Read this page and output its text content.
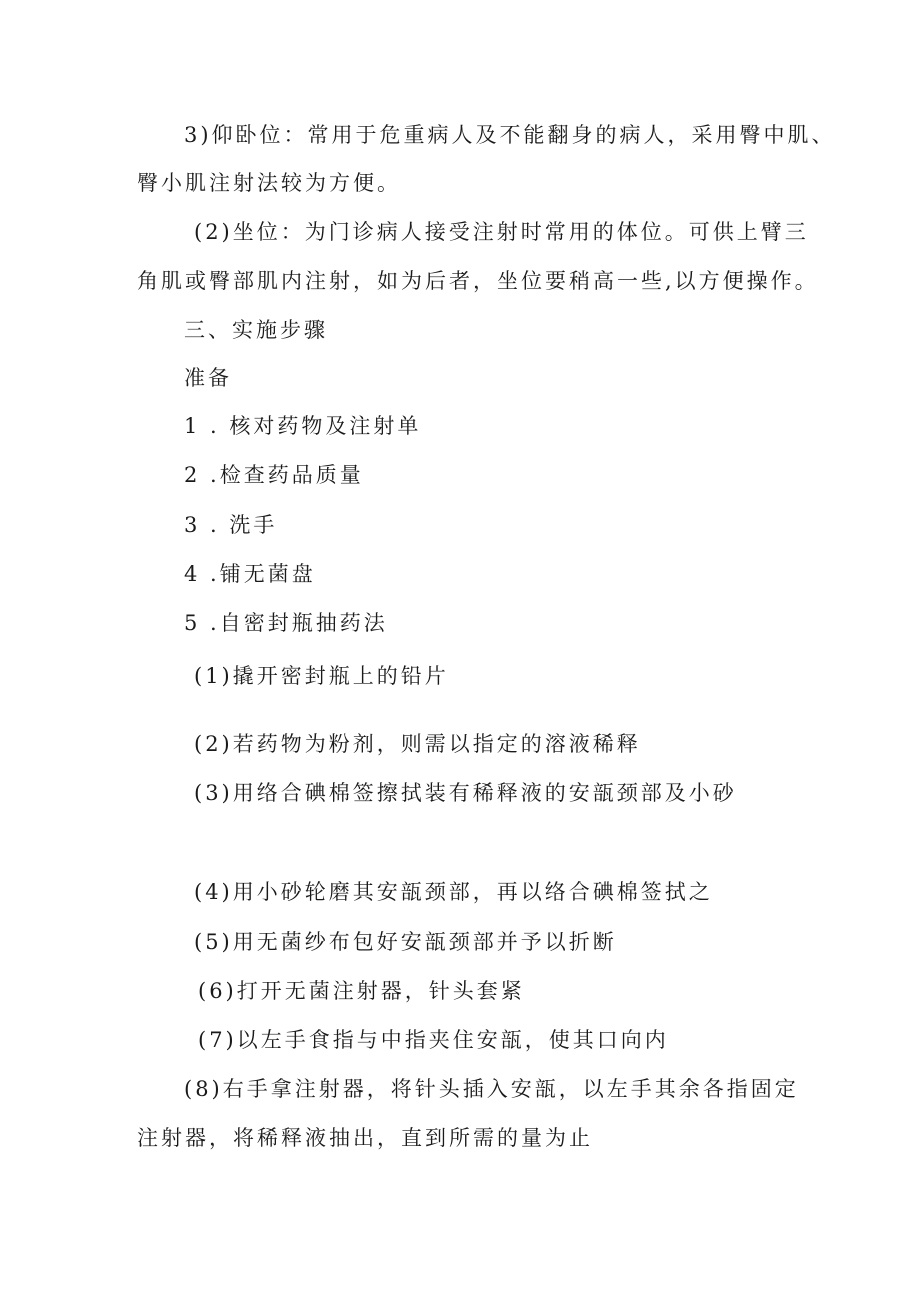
3)仰卧位：常用于危重病人及不能翻身的病人，采用臀中肌、
臀小肌注射法较为方便。
(2)坐位：为门诊病人接受注射时常用的体位。可供上臂三
角肌或臀部肌内注射，如为后者，坐位要稍高一些,以方便操作。
三、实施步骤
准备
1 . 核对药物及注射单
2 .检查药品质量
3 . 洗手
4 .铺无菌盘
5 .自密封瓶抽药法
(1)撬开密封瓶上的铅片
(2)若药物为粉剂，则需以指定的溶液稀释
(3)用络合碘棉签擦拭装有稀释液的安瓿颈部及小砂
(4)用小砂轮磨其安瓿颈部，再以络合碘棉签拭之
(5)用无菌纱布包好安瓿颈部并予以折断
(6)打开无菌注射器，针头套紧
(7)以左手食指与中指夹住安瓿，使其口向内
(8)右手拿注射器，将针头插入安瓿，以左手其余各指固定
注射器，将稀释液抽出，直到所需的量为止
